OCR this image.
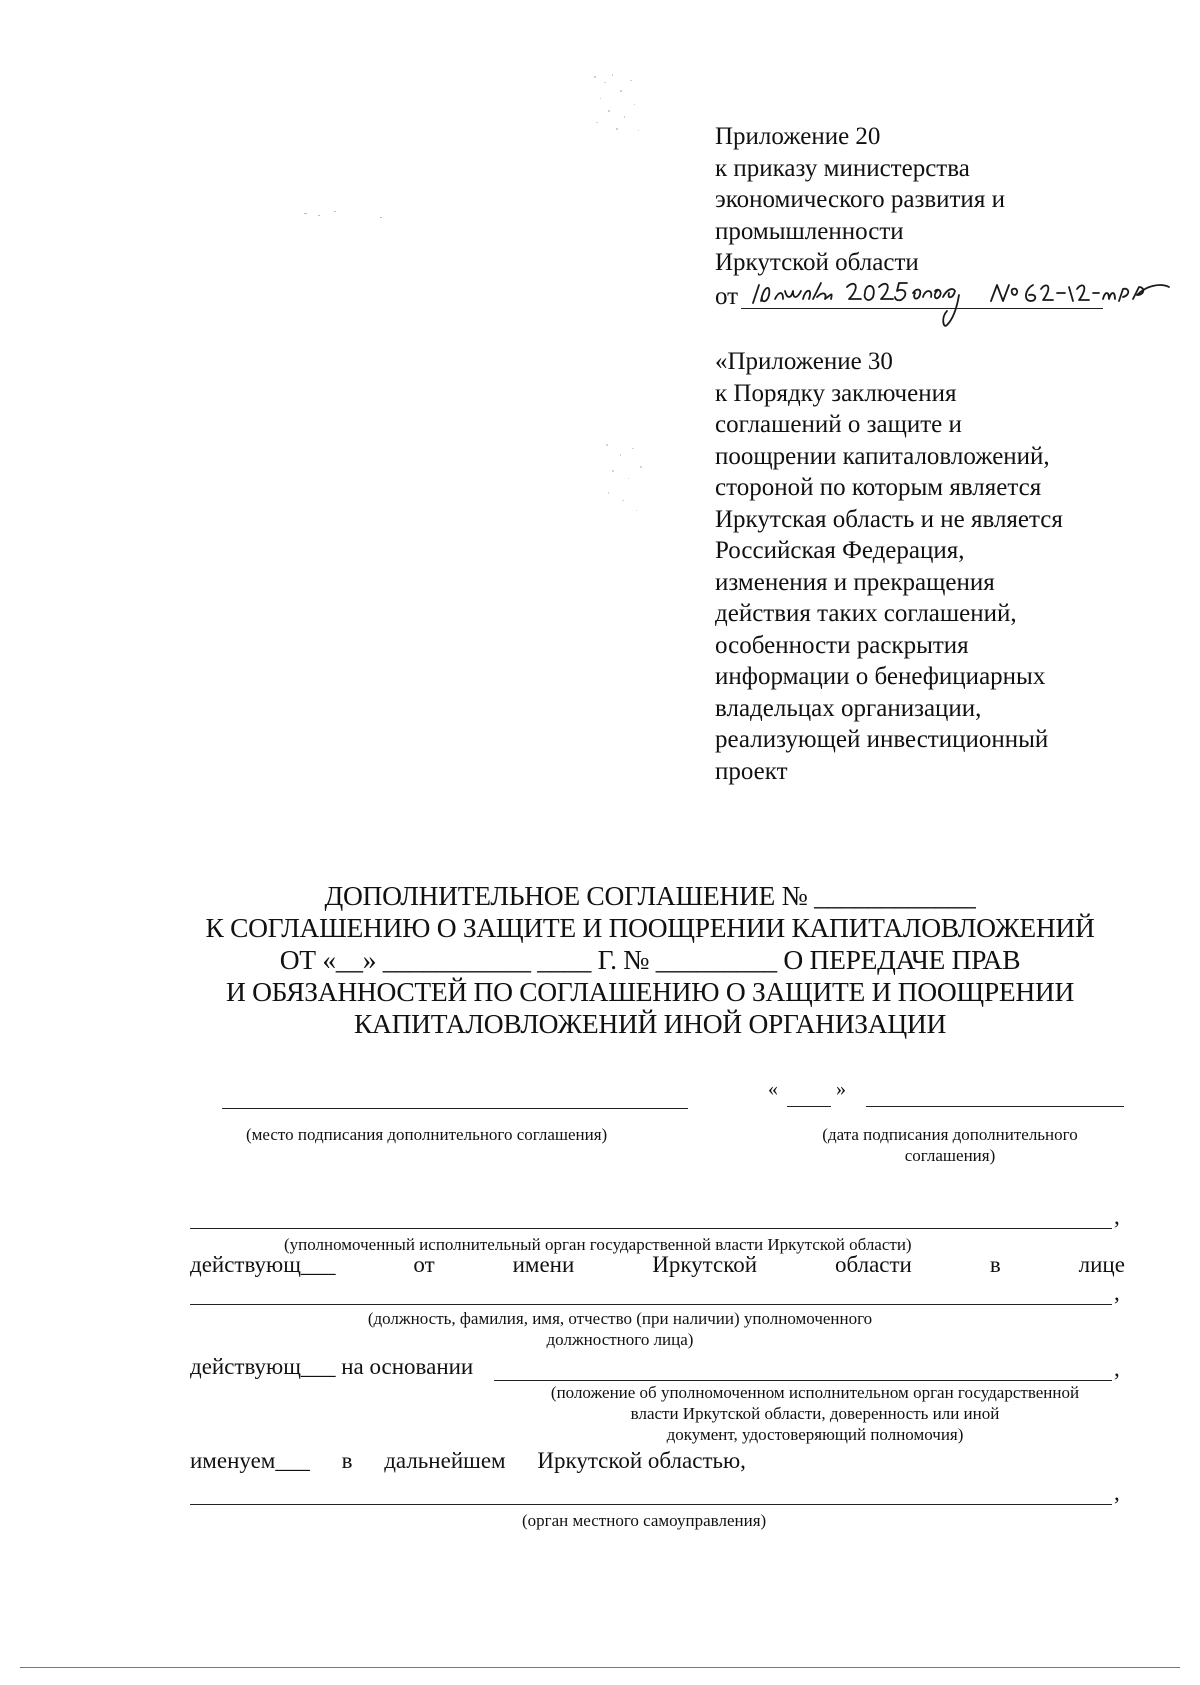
Приложение 20
к приказу министерства
экономического развития и
промышленности
Иркутской области
от
«Приложение 30
к Порядку заключения
соглашений о защите и
поощрении капиталовложений,
стороной по которым является
Иркутская область и не является
Российская Федерация,
изменения и прекращения
действия таких соглашений,
особенности раскрытия
информации о бенефициарных
владельцах организации,
реализующей инвестиционный
проект
ДОПОЛНИТЕЛЬНОЕ СОГЛАШЕНИЕ № ____________
К СОГЛАШЕНИЮ О ЗАЩИТЕ И ПООЩРЕНИИ КАПИТАЛОВЛОЖЕНИЙ
ОТ «__» ___________ ____ Г. № _________ О ПЕРЕДАЧЕ ПРАВ
И ОБЯЗАННОСТЕЙ ПО СОГЛАШЕНИЮ О ЗАЩИТЕ И ПООЩРЕНИИ
КАПИТАЛОВЛОЖЕНИЙ ИНОЙ ОРГАНИЗАЦИИ
(место подписания дополнительного соглашения)
«	»
(дата подписания дополнительного
соглашения)
,
(уполномоченный исполнительный орган государственной власти Иркутской области)
действующ___	от	имени	Иркутской	области	в	лице
,
(должность, фамилия, имя, отчество (при наличии) уполномоченного
должностного лица)
действующ___ на основании	,
(положение об уполномоченном исполнительном орган государственной
власти Иркутской области, доверенность или иной
документ, удостоверяющий полномочия)
именуем___ в дальнейшем Иркутской областью,
,
(орган местного самоуправления)
